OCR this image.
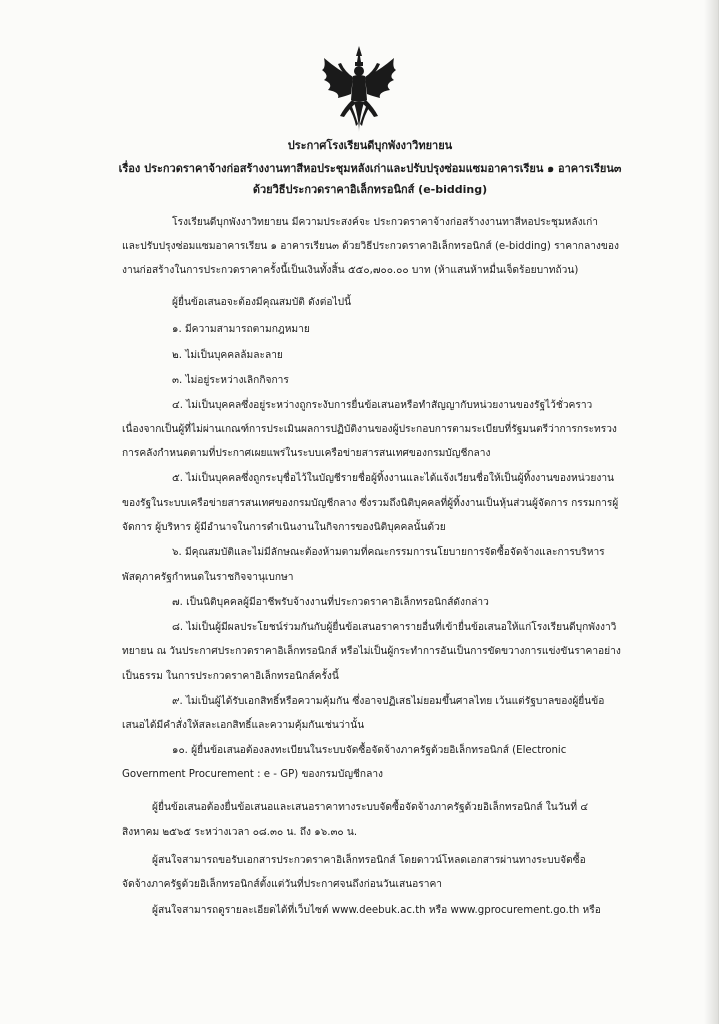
ประกาศโรงเรียนดีบุกพังงาวิทยายน
เรื่อง ประกวดราคาจ้างก่อสร้างงานทาสีหอประชุมหลังเก่าและปรับปรุงซ่อมแซมอาคารเรียน ๑ อาคารเรียน๓
ด้วยวิธีประกวดราคาอิเล็กทรอนิกส์ (e-bidding)
โรงเรียนดีบุกพังงาวิทยายน มีความประสงค์จะ ประกวดราคาจ้างก่อสร้างงานทาสีหอประชุมหลังเก่า
และปรับปรุงซ่อมแซมอาคารเรียน ๑ อาคารเรียน๓ ด้วยวิธีประกวดราคาอิเล็กทรอนิกส์ (e-bidding) ราคากลางของ
งานก่อสร้างในการประกวดราคาครั้งนี้เป็นเงินทั้งสิ้น ๕๕๐,๗๐๐.๐๐ บาท (ห้าแสนห้าหมื่นเจ็ดร้อยบาทถ้วน)
ผู้ยื่นข้อเสนอจะต้องมีคุณสมบัติ ดังต่อไปนี้
๑. มีความสามารถตามกฎหมาย
๒. ไม่เป็นบุคคลล้มละลาย
๓. ไม่อยู่ระหว่างเลิกกิจการ
๔. ไม่เป็นบุคคลซึ่งอยู่ระหว่างถูกระงับการยื่นข้อเสนอหรือทำสัญญากับหน่วยงานของรัฐไว้ชั่วคราว
เนื่องจากเป็นผู้ที่ไม่ผ่านเกณฑ์การประเมินผลการปฏิบัติงานของผู้ประกอบการตามระเบียบที่รัฐมนตรีว่าการกระทรวง
การคลังกำหนดตามที่ประกาศเผยแพร่ในระบบเครือข่ายสารสนเทศของกรมบัญชีกลาง
๕. ไม่เป็นบุคคลซึ่งถูกระบุชื่อไว้ในบัญชีรายชื่อผู้ทิ้งงานและได้แจ้งเวียนชื่อให้เป็นผู้ทิ้งงานของหน่วยงาน
ของรัฐในระบบเครือข่ายสารสนเทศของกรมบัญชีกลาง ซึ่งรวมถึงนิติบุคคลที่ผู้ทิ้งงานเป็นหุ้นส่วนผู้จัดการ กรรมการผู้
จัดการ ผู้บริหาร ผู้มีอำนาจในการดำเนินงานในกิจการของนิติบุคคลนั้นด้วย
๖. มีคุณสมบัติและไม่มีลักษณะต้องห้ามตามที่คณะกรรมการนโยบายการจัดซื้อจัดจ้างและการบริหาร
พัสดุภาครัฐกำหนดในราชกิจจานุเบกษา
๗. เป็นนิติบุคคลผู้มีอาชีพรับจ้างงานที่ประกวดราคาอิเล็กทรอนิกส์ดังกล่าว
๘. ไม่เป็นผู้มีผลประโยชน์ร่วมกันกับผู้ยื่นข้อเสนอราคารายอื่นที่เข้ายื่นข้อเสนอให้แก่โรงเรียนดีบุกพังงาวิ
ทยายน ณ วันประกาศประกวดราคาอิเล็กทรอนิกส์ หรือไม่เป็นผู้กระทำการอันเป็นการขัดขวางการแข่งขันราคาอย่าง
เป็นธรรม ในการประกวดราคาอิเล็กทรอนิกส์ครั้งนี้
๙. ไม่เป็นผู้ได้รับเอกสิทธิ์หรือความคุ้มกัน ซึ่งอาจปฏิเสธไม่ยอมขึ้นศาลไทย เว้นแต่รัฐบาลของผู้ยื่นข้อ
เสนอได้มีคำสั่งให้สละเอกสิทธิ์และความคุ้มกันเช่นว่านั้น
๑๐. ผู้ยื่นข้อเสนอต้องลงทะเบียนในระบบจัดซื้อจัดจ้างภาครัฐด้วยอิเล็กทรอนิกส์ (Electronic
Government Procurement : e - GP) ของกรมบัญชีกลาง
ผู้ยื่นข้อเสนอต้องยื่นข้อเสนอและเสนอราคาทางระบบจัดซื้อจัดจ้างภาครัฐด้วยอิเล็กทรอนิกส์ ในวันที่ ๔
สิงหาคม ๒๕๖๕ ระหว่างเวลา ๐๘.๓๐ น. ถึง ๑๖.๓๐ น.
ผู้สนใจสามารถขอรับเอกสารประกวดราคาอิเล็กทรอนิกส์ โดยดาวน์โหลดเอกสารผ่านทางระบบจัดซื้อ
จัดจ้างภาครัฐด้วยอิเล็กทรอนิกส์ตั้งแต่วันที่ประกาศจนถึงก่อนวันเสนอราคา
ผู้สนใจสามารถดูรายละเอียดได้ที่เว็บไซต์ www.deebuk.ac.th หรือ www.gprocurement.go.th หรือ
